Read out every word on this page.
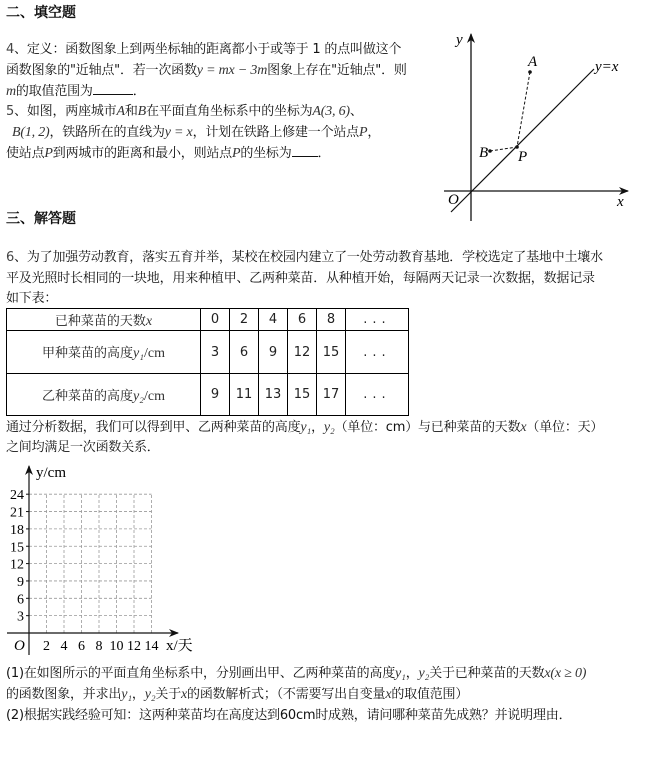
二、填空题
4、定义：函数图象上到两坐标轴的距离都小于或等于 1 的点叫做这个
函数图象的"近轴点"．若一次函数y = mx − 3m图象上存在"近轴点"．则
m的取值范围为	．
5、如图，两座城市A和B在平面直角坐标系中的坐标为A(3, 6)、
B(1, 2)，铁路所在的直线为y = x，计划在铁路上修建一个站点P，
使站点P到两城市的距离和最小，则站点P的坐标为 ．
y
x
O
y=x
A
B P
三、解答题
6、为了加强劳动教育，落实五育并举，某校在校园内建立了一处劳动教育基地．学校选定了基地中土壤水
平及光照时长相同的一块地，用来种植甲、乙两种菜苗．从种植开始，每隔两天记录一次数据，数据记录
如下表：
已种菜苗的天数x	0	2	4	6	8	...
甲种菜苗的高度y₁/cm	3	6	9	12	15	...
乙种菜苗的高度y₂/cm	9	11	13	15	17	...
通过分析数据，我们可以得到甲、乙两种菜苗的高度y₁，y₂（单位：cm）与已种菜苗的天数x（单位：天）
之间均满足一次函数关系．
3
6
9
12
15
18
21
24
2 4 6 8 10 12 14
y/cm
x/天
O
(1)在如图所示的平面直角坐标系中，分别画出甲、乙两种菜苗的高度y₁，y₂关于已种菜苗的天数x(x ≥ 0)
的函数图象，并求出y₁，y₂关于x的函数解析式；（不需要写出自变量x的取值范围）
(2)根据实践经验可知：这两种菜苗均在高度达到60cm时成熟，请问哪种菜苗先成熟？并说明理由．
